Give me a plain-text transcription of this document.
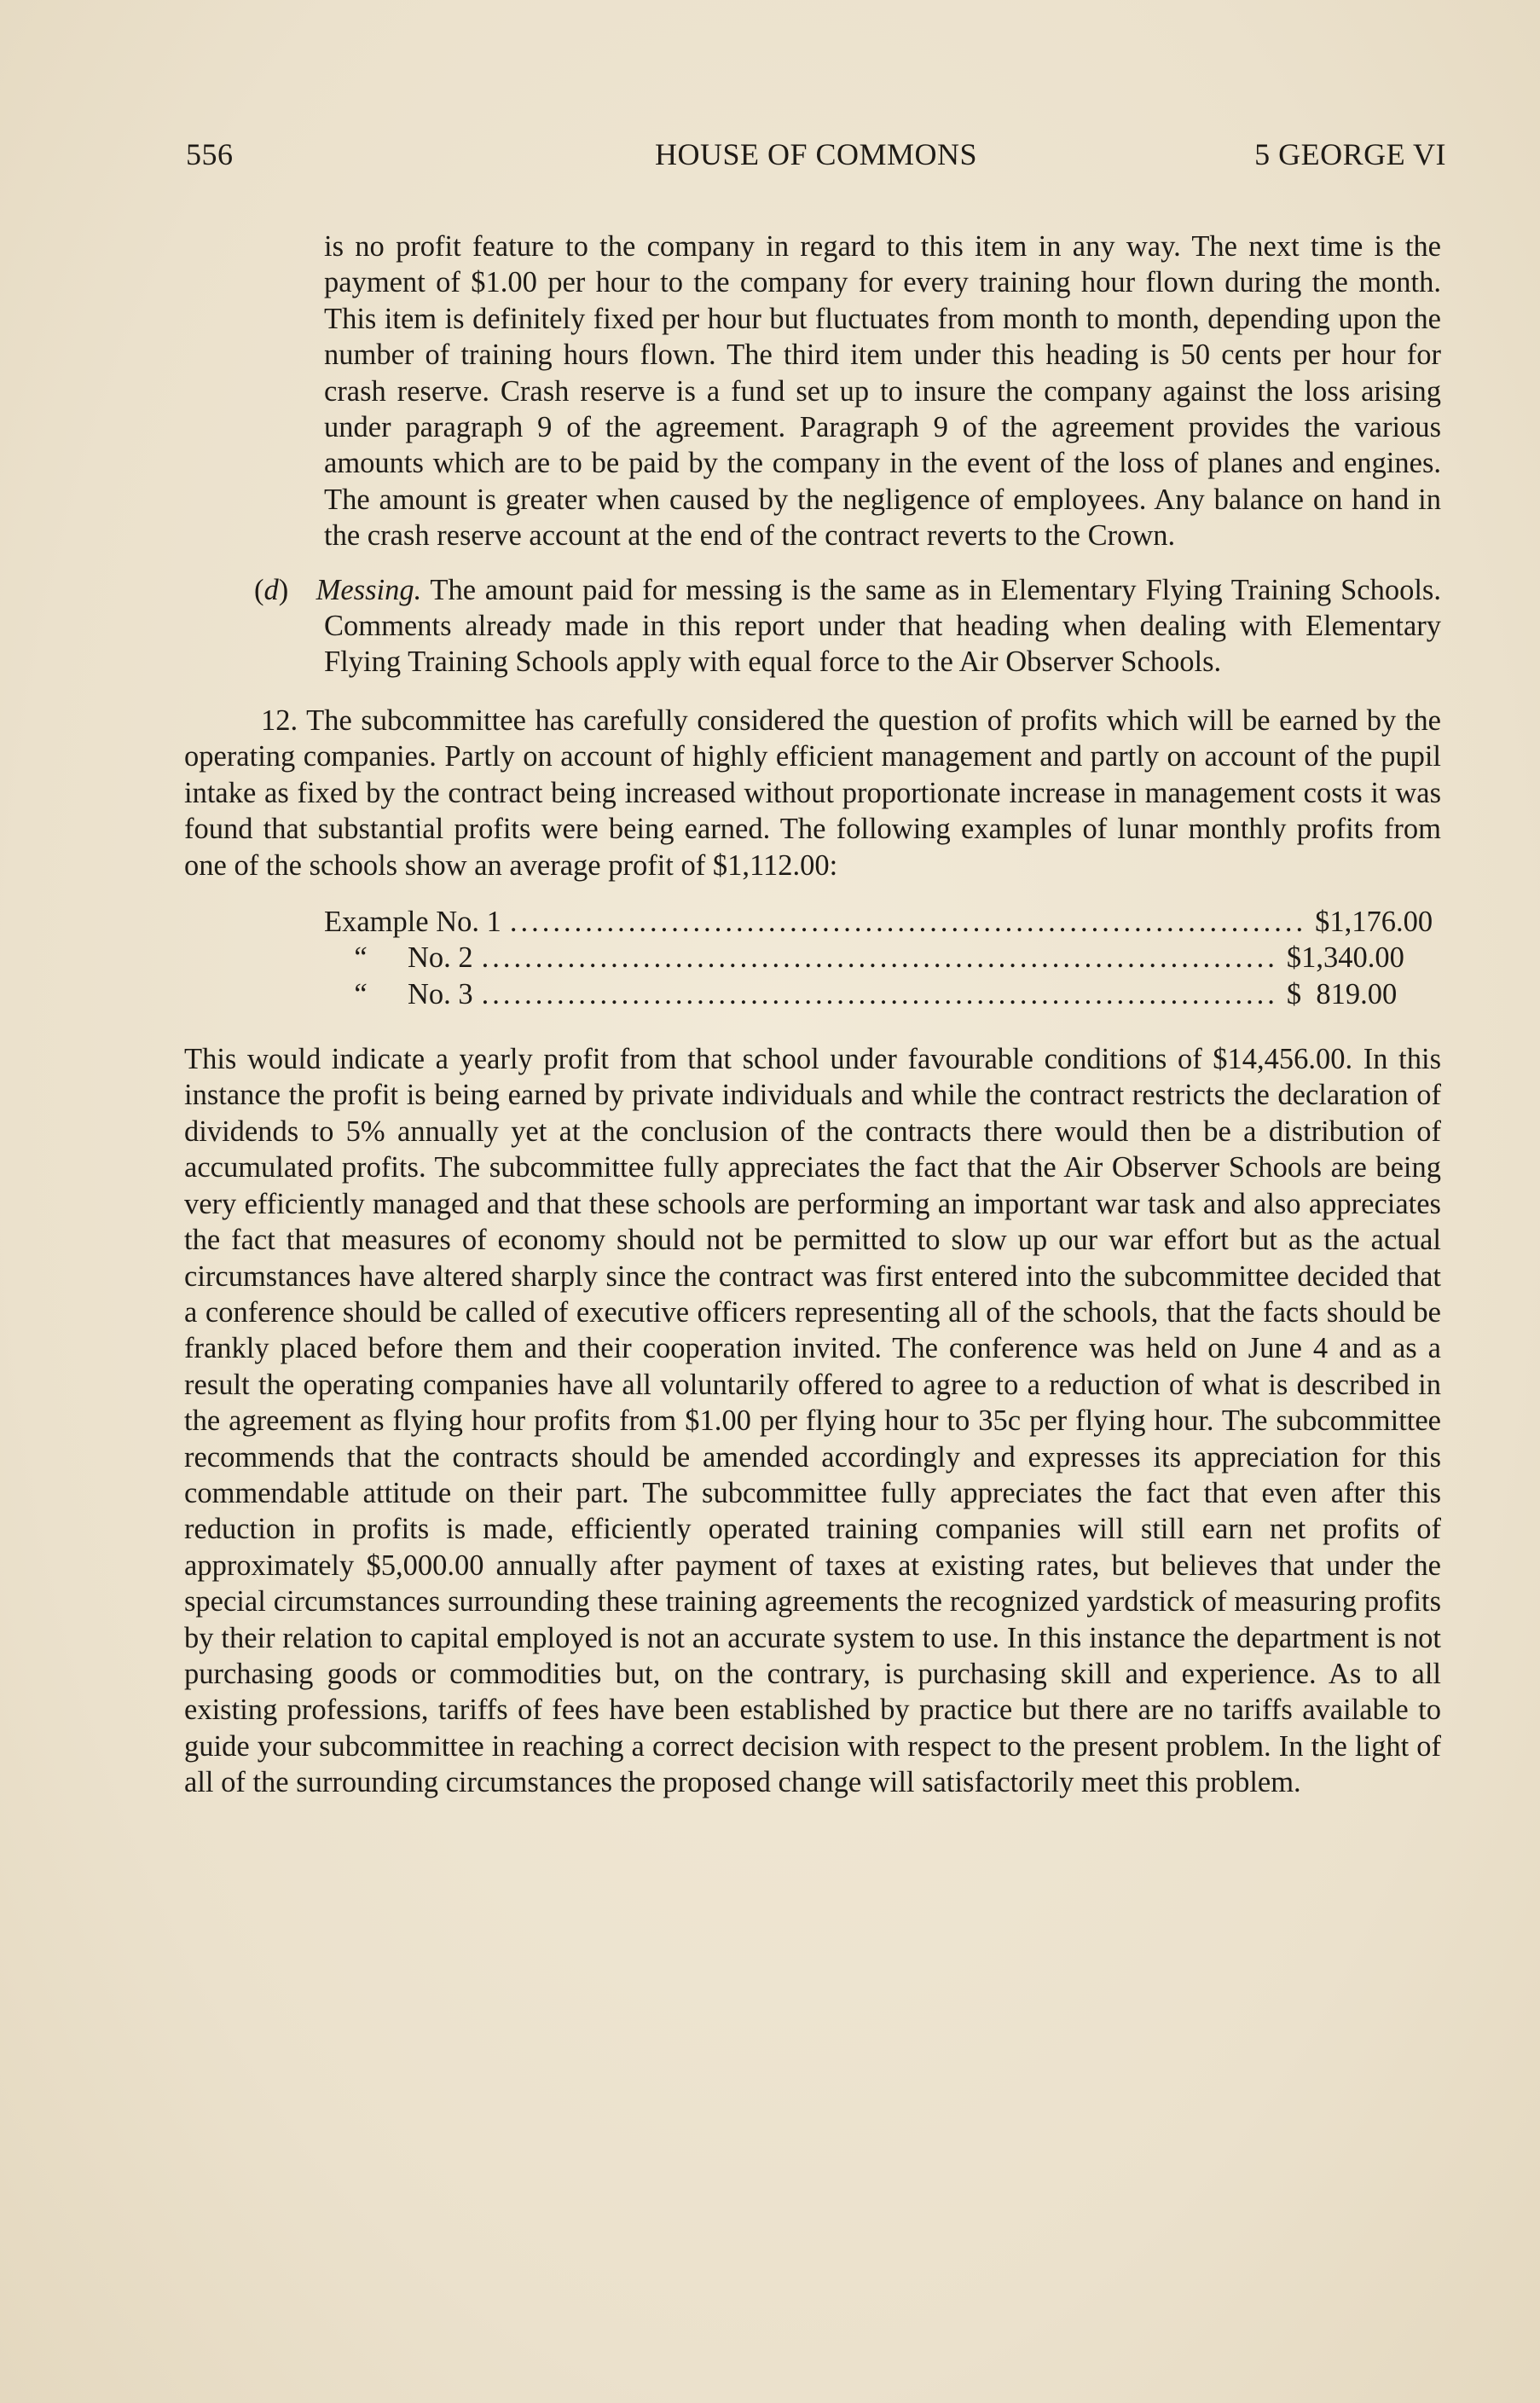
556	HOUSE OF COMMONS	5 GEORGE VI

is no profit feature to the company in regard to this item in any way. The next time is the payment of $1.00 per hour to the company for every training hour flown during the month. This item is definitely fixed per hour but fluctuates from month to month, depending upon the number of training hours flown. The third item under this heading is 50 cents per hour for crash reserve. Crash reserve is a fund set up to insure the company against the loss arising under paragraph 9 of the agreement. Paragraph 9 of the agreement provides the various amounts which are to be paid by the company in the event of the loss of planes and engines. The amount is greater when caused by the negligence of employees. Any balance on hand in the crash reserve account at the end of the contract reverts to the Crown.

(d)   Messing. The amount paid for messing is the same as in Elementary Flying Training Schools. Comments already made in this report under that heading when dealing with Elementary Flying Training Schools apply with equal force to the Air Observer Schools.

12. The subcommittee has carefully considered the question of profits which will be earned by the operating companies. Partly on account of highly efficient management and partly on account of the pupil intake as fixed by the contract being increased without proportionate increase in management costs it was found that substantial profits were being earned. The following examples of lunar monthly profits from one of the schools show an average profit of $1,112.00:

Example No. 1 .......................................................................... $1,176.00
“ No. 2 .......................................................................... $1,340.00
“ No. 3 .......................................................................... $  819.00

This would indicate a yearly profit from that school under favourable conditions of $14,456.00. In this instance the profit is being earned by private individuals and while the contract restricts the declaration of dividends to 5% annually yet at the conclusion of the contracts there would then be a distribution of accumulated profits. The subcommittee fully appreciates the fact that the Air Observer Schools are being very efficiently managed and that these schools are performing an important war task and also appreciates the fact that measures of economy should not be permitted to slow up our war effort but as the actual circumstances have altered sharply since the contract was first entered into the subcommittee decided that a conference should be called of executive officers representing all of the schools, that the facts should be frankly placed before them and their cooperation invited. The conference was held on June 4 and as a result the operating companies have all voluntarily offered to agree to a reduction of what is described in the agreement as flying hour profits from $1.00 per flying hour to 35c per flying hour. The subcommittee recommends that the contracts should be amended accordingly and expresses its appreciation for this commendable attitude on their part. The subcommittee fully appreciates the fact that even after this reduction in profits is made, efficiently operated training companies will still earn net profits of approximately $5,000.00 annually after payment of taxes at existing rates, but believes that under the special circumstances surrounding these training agreements the recognized yardstick of measuring profits by their relation to capital employed is not an accurate system to use. In this instance the department is not purchasing goods or commodities but, on the contrary, is purchasing skill and experience. As to all existing professions, tariffs of fees have been established by practice but there are no tariffs available to guide your subcommittee in reaching a correct decision with respect to the present problem. In the light of all of the surrounding circumstances the proposed change will satisfactorily meet this problem.
